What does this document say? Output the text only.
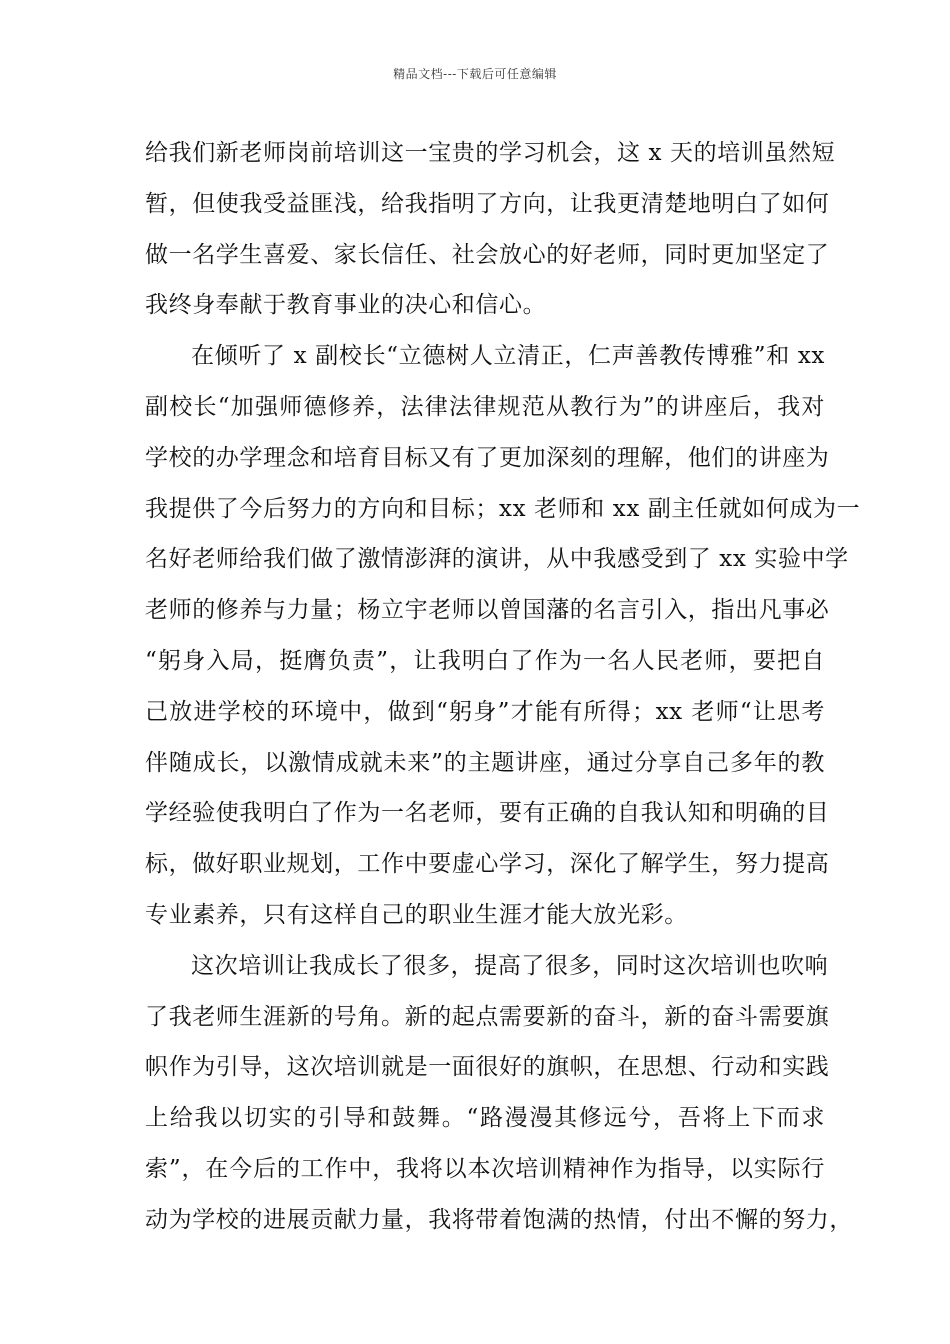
精品文档---下载后可任意编辑
给我们新老师岗前培训这一宝贵的学习机会，这 x 天的培训虽然短
暂，但使我受益匪浅，给我指明了方向，让我更清楚地明白了如何
做一名学生喜爱、家长信任、社会放心的好老师，同时更加坚定了
我终身奉献于教育事业的决心和信心。
在倾听了 x 副校长“立德树人立清正，仁声善教传博雅”和 xx
副校长“加强师德修养，法律法律规范从教行为”的讲座后，我对
学校的办学理念和培育目标又有了更加深刻的理解，他们的讲座为
我提供了今后努力的方向和目标；xx 老师和 xx 副主任就如何成为一
名好老师给我们做了激情澎湃的演讲，从中我感受到了 xx 实验中学
老师的修养与力量；杨立宇老师以曾国藩的名言引入，指出凡事必
“躬身入局，挺膺负责”，让我明白了作为一名人民老师，要把自
己放进学校的环境中，做到“躬身”才能有所得；xx 老师“让思考
伴随成长，以激情成就未来”的主题讲座，通过分享自己多年的教
学经验使我明白了作为一名老师，要有正确的自我认知和明确的目
标，做好职业规划，工作中要虚心学习，深化了解学生，努力提高
专业素养，只有这样自己的职业生涯才能大放光彩。
这次培训让我成长了很多，提高了很多，同时这次培训也吹响
了我老师生涯新的号角。新的起点需要新的奋斗，新的奋斗需要旗
帜作为引导，这次培训就是一面很好的旗帜，在思想、行动和实践
上给我以切实的引导和鼓舞。“路漫漫其修远兮，吾将上下而求
索”，在今后的工作中，我将以本次培训精神作为指导，以实际行
动为学校的进展贡献力量，我将带着饱满的热情，付出不懈的努力，
